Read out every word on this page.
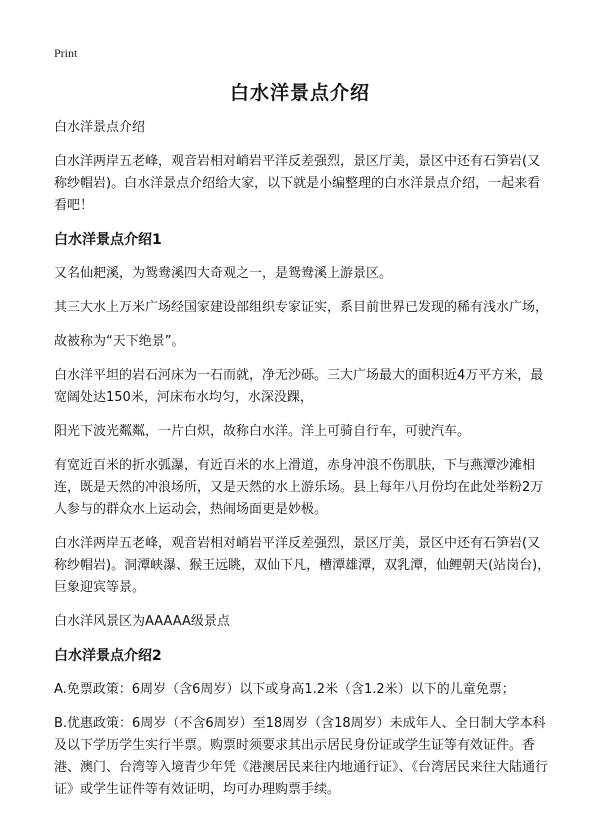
Print
白水洋景点介绍

白水洋景点介绍

白水洋两岸五老峰，观音岩相对峭岩平洋反差强烈，景区厅美，景区中还有石笋岩(又称纱帽岩)。白水洋景点介绍给大家，以下就是小编整理的白水洋景点介绍，一起来看看吧！

白水洋景点介绍1

又名仙耙溪，为鸳鸯溪四大奇观之一，是鸳鸯溪上游景区。

其三大水上万米广场经国家建设部组织专家证实，系目前世界已发现的稀有浅水广场，

故被称为“天下绝景”。

白水洋平坦的岩石河床为一石而就，净无沙砾。三大广场最大的面积近4万平方米，最宽阔处达150米，河床布水均匀，水深没踝，

阳光下波光粼粼，一片白炽，故称白水洋。洋上可骑自行车，可驶汽车。

有宽近百米的折水弧瀑，有近百米的水上滑道，赤身冲浪不伤肌肤，下与燕潭沙滩相连，既是天然的冲浪场所，又是天然的水上游乐场。县上每年八月份均在此处举粉2万人参与的群众水上运动会，热闹场面更是妙极。

白水洋两岸五老峰，观音岩相对峭岩平洋反差强烈，景区厅美，景区中还有石笋岩(又称纱帽岩)。洞潭峡瀑、猴王远眺，双仙下凡，槽潭雄潭，双乳潭，仙鲤朝天(站岗台)，巨象迎宾等景。

白水洋风景区为AAAAA级景点

白水洋景点介绍2

A.免票政策：6周岁（含6周岁）以下或身高1.2米（含1.2米）以下的儿童免票；

B.优惠政策：6周岁（不含6周岁）至18周岁（含18周岁）未成年人、全日制大学本科及以下学历学生实行半票。购票时须要求其出示居民身份证或学生证等有效证件。香港、澳门、台湾等入境青少年凭《港澳居民来往内地通行证》、《台湾居民来往大陆通行证》或学生证件等有效证明，均可办理购票手续。
